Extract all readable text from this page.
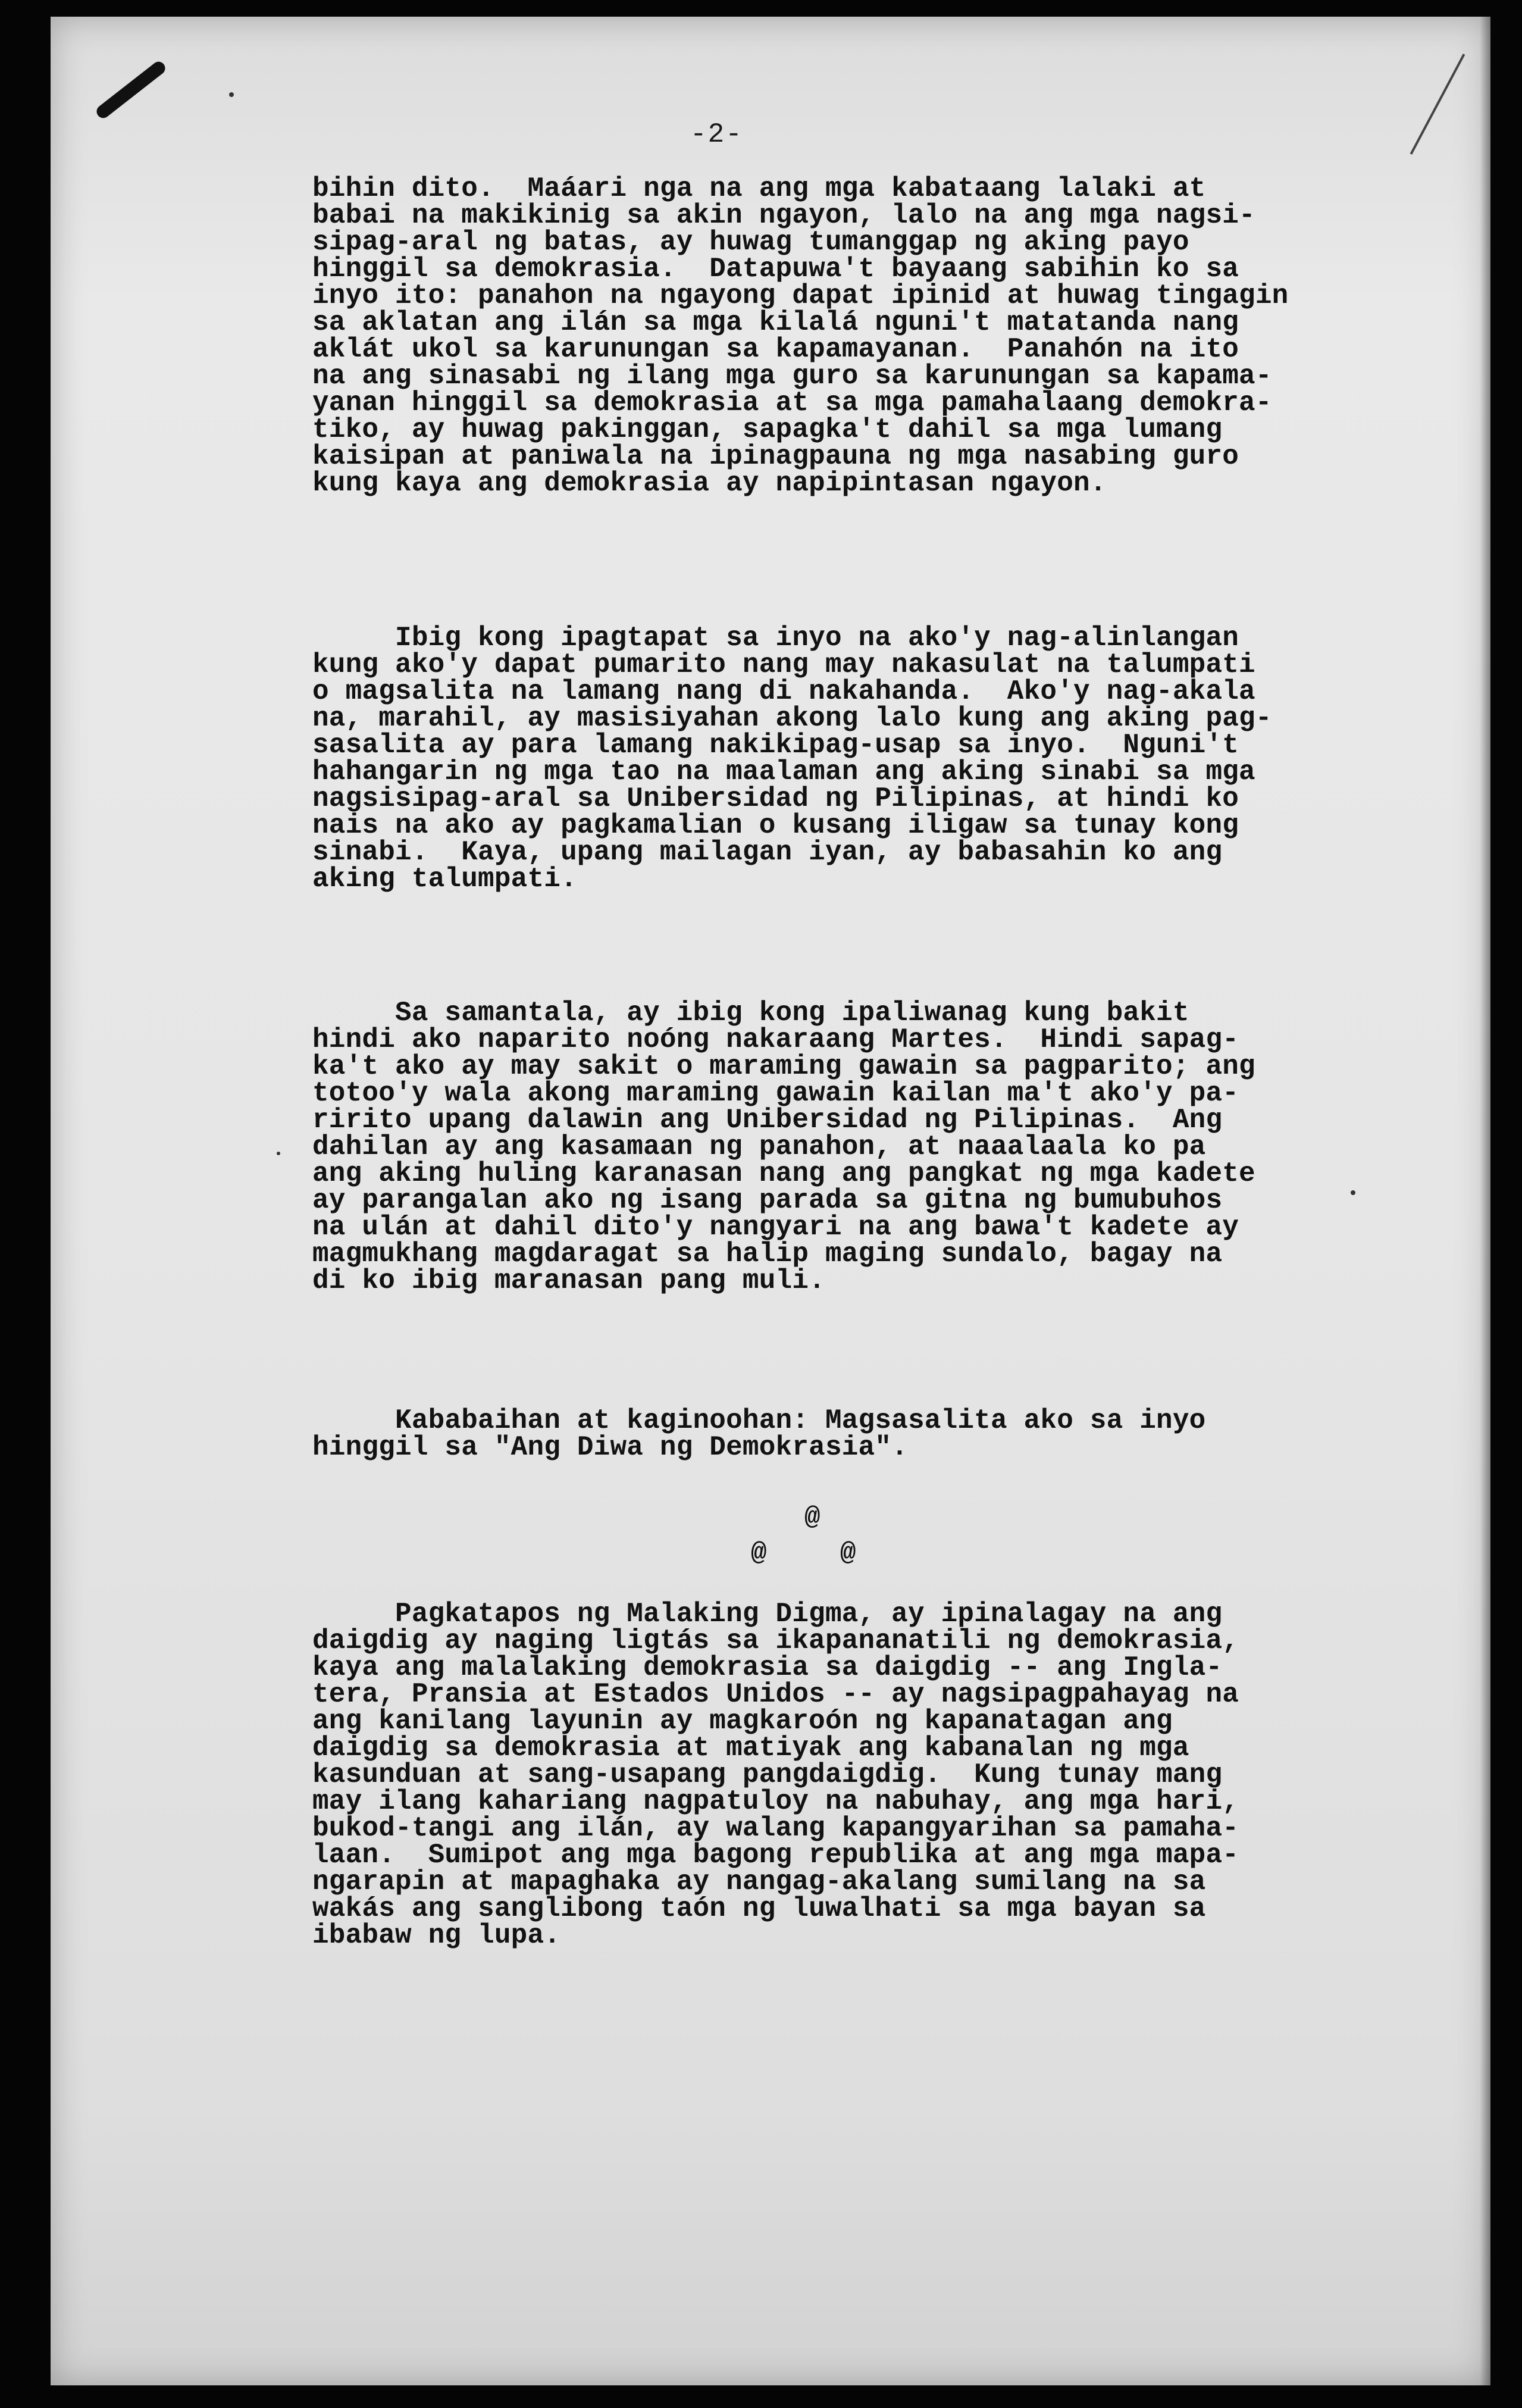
-2-
bihin dito.  Maáari nga na ang mga kabataang lalaki at
babai na makikinig sa akin ngayon, lalo na ang mga nagsi-
sipag-aral ng batas, ay huwag tumanggap ng aking payo
hinggil sa demokrasia.  Datapuwa't bayaang sabihin ko sa
inyo ito: panahon na ngayong dapat ipinid at huwag tingagin
sa aklatan ang ilán sa mga kilalá nguni't matatanda nang
aklát ukol sa karunungan sa kapamayanan.  Panahón na ito
na ang sinasabi ng ilang mga guro sa karunungan sa kapama-
yanan hinggil sa demokrasia at sa mga pamahalaang demokra-
tiko, ay huwag pakinggan, sapagka't dahil sa mga lumang
kaisipan at paniwala na ipinagpauna ng mga nasabing guro
kung kaya ang demokrasia ay napipintasan ngayon.
Ibig kong ipagtapat sa inyo na ako'y nag-alinlangan
kung ako'y dapat pumarito nang may nakasulat na talumpati
o magsalita na lamang nang di nakahanda.  Ako'y nag-akala
na, marahil, ay masisiyahan akong lalo kung ang aking pag-
sasalita ay para lamang nakikipag-usap sa inyo.  Nguni't
hahangarin ng mga tao na maalaman ang aking sinabi sa mga
nagsisipag-aral sa Unibersidad ng Pilipinas, at hindi ko
nais na ako ay pagkamalian o kusang iligaw sa tunay kong
sinabi.  Kaya, upang mailagan iyan, ay babasahin ko ang
aking talumpati.
Sa samantala, ay ibig kong ipaliwanag kung bakit
hindi ako naparito noóng nakaraang Martes.  Hindi sapag-
ka't ako ay may sakit o maraming gawain sa pagparito; ang
totoo'y wala akong maraming gawain kailan ma't ako'y pa-
ririto upang dalawin ang Unibersidad ng Pilipinas.  Ang
dahilan ay ang kasamaan ng panahon, at naaalaala ko pa
ang aking huling karanasan nang ang pangkat ng mga kadete
ay parangalan ako ng isang parada sa gitna ng bumubuhos
na ulán at dahil dito'y nangyari na ang bawa't kadete ay
magmukhang magdaragat sa halip maging sundalo, bagay na
di ko ibig maranasan pang muli.
Kababaihan at kaginoohan: Magsasalita ako sa inyo
hinggil sa "Ang Diwa ng Demokrasia".
@
@	@
Pagkatapos ng Malaking Digma, ay ipinalagay na ang
daigdig ay naging ligtás sa ikapananatili ng demokrasia,
kaya ang malalaking demokrasia sa daigdig -- ang Ingla-
tera, Pransia at Estados Unidos -- ay nagsipagpahayag na
ang kanilang layunin ay magkaroón ng kapanatagan ang
daigdig sa demokrasia at matiyak ang kabanalan ng mga
kasunduan at sang-usapang pangdaigdig.  Kung tunay mang
may ilang kahariang nagpatuloy na nabuhay, ang mga hari,
bukod-tangi ang ilán, ay walang kapangyarihan sa pamaha-
laan.  Sumipot ang mga bagong republika at ang mga mapa-
ngarapin at mapaghaka ay nangag-akalang sumilang na sa
wakás ang sanglibong taón ng luwalhati sa mga bayan sa
ibabaw ng lupa.
